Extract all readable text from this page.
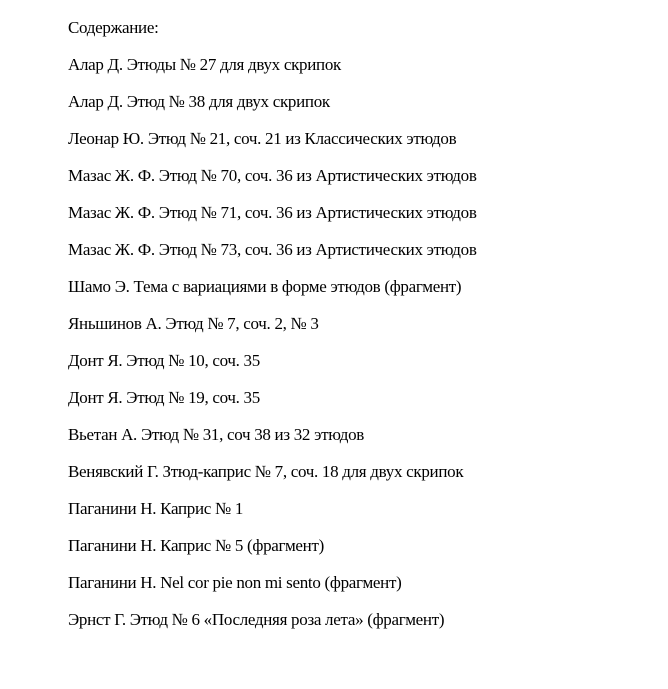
Содержание:

Алар Д. Этюды № 27 для двух скрипок

Алар Д. Этюд № 38 для двух скрипок

Леонар Ю. Этюд № 21, соч. 21 из Классических этюдов

Мазас Ж. Ф. Этюд № 70, соч. 36 из Артистических этюдов

Мазас Ж. Ф. Этюд № 71, соч. 36 из Артистических этюдов

Мазас Ж. Ф. Этюд № 73, соч. 36 из Артистических этюдов

Шамо Э. Тема с вариациями в форме этюдов (фрагмент)

Яньшинов А. Этюд № 7, соч. 2, № 3

Донт Я. Этюд № 10, соч. 35

Донт Я. Этюд № 19, соч. 35

Вьетан А. Этюд № 31, соч 38 из 32 этюдов

Венявский Г. Зтюд-каприс № 7, соч. 18 для двух скрипок

Паганини Н. Каприс № 1

Паганини Н. Каприс № 5 (фрагмент)

Паганини Н. Nel cor pie non mi sento (фрагмент)

Эрнст Г. Этюд № 6 «Последняя роза лета» (фрагмент)
